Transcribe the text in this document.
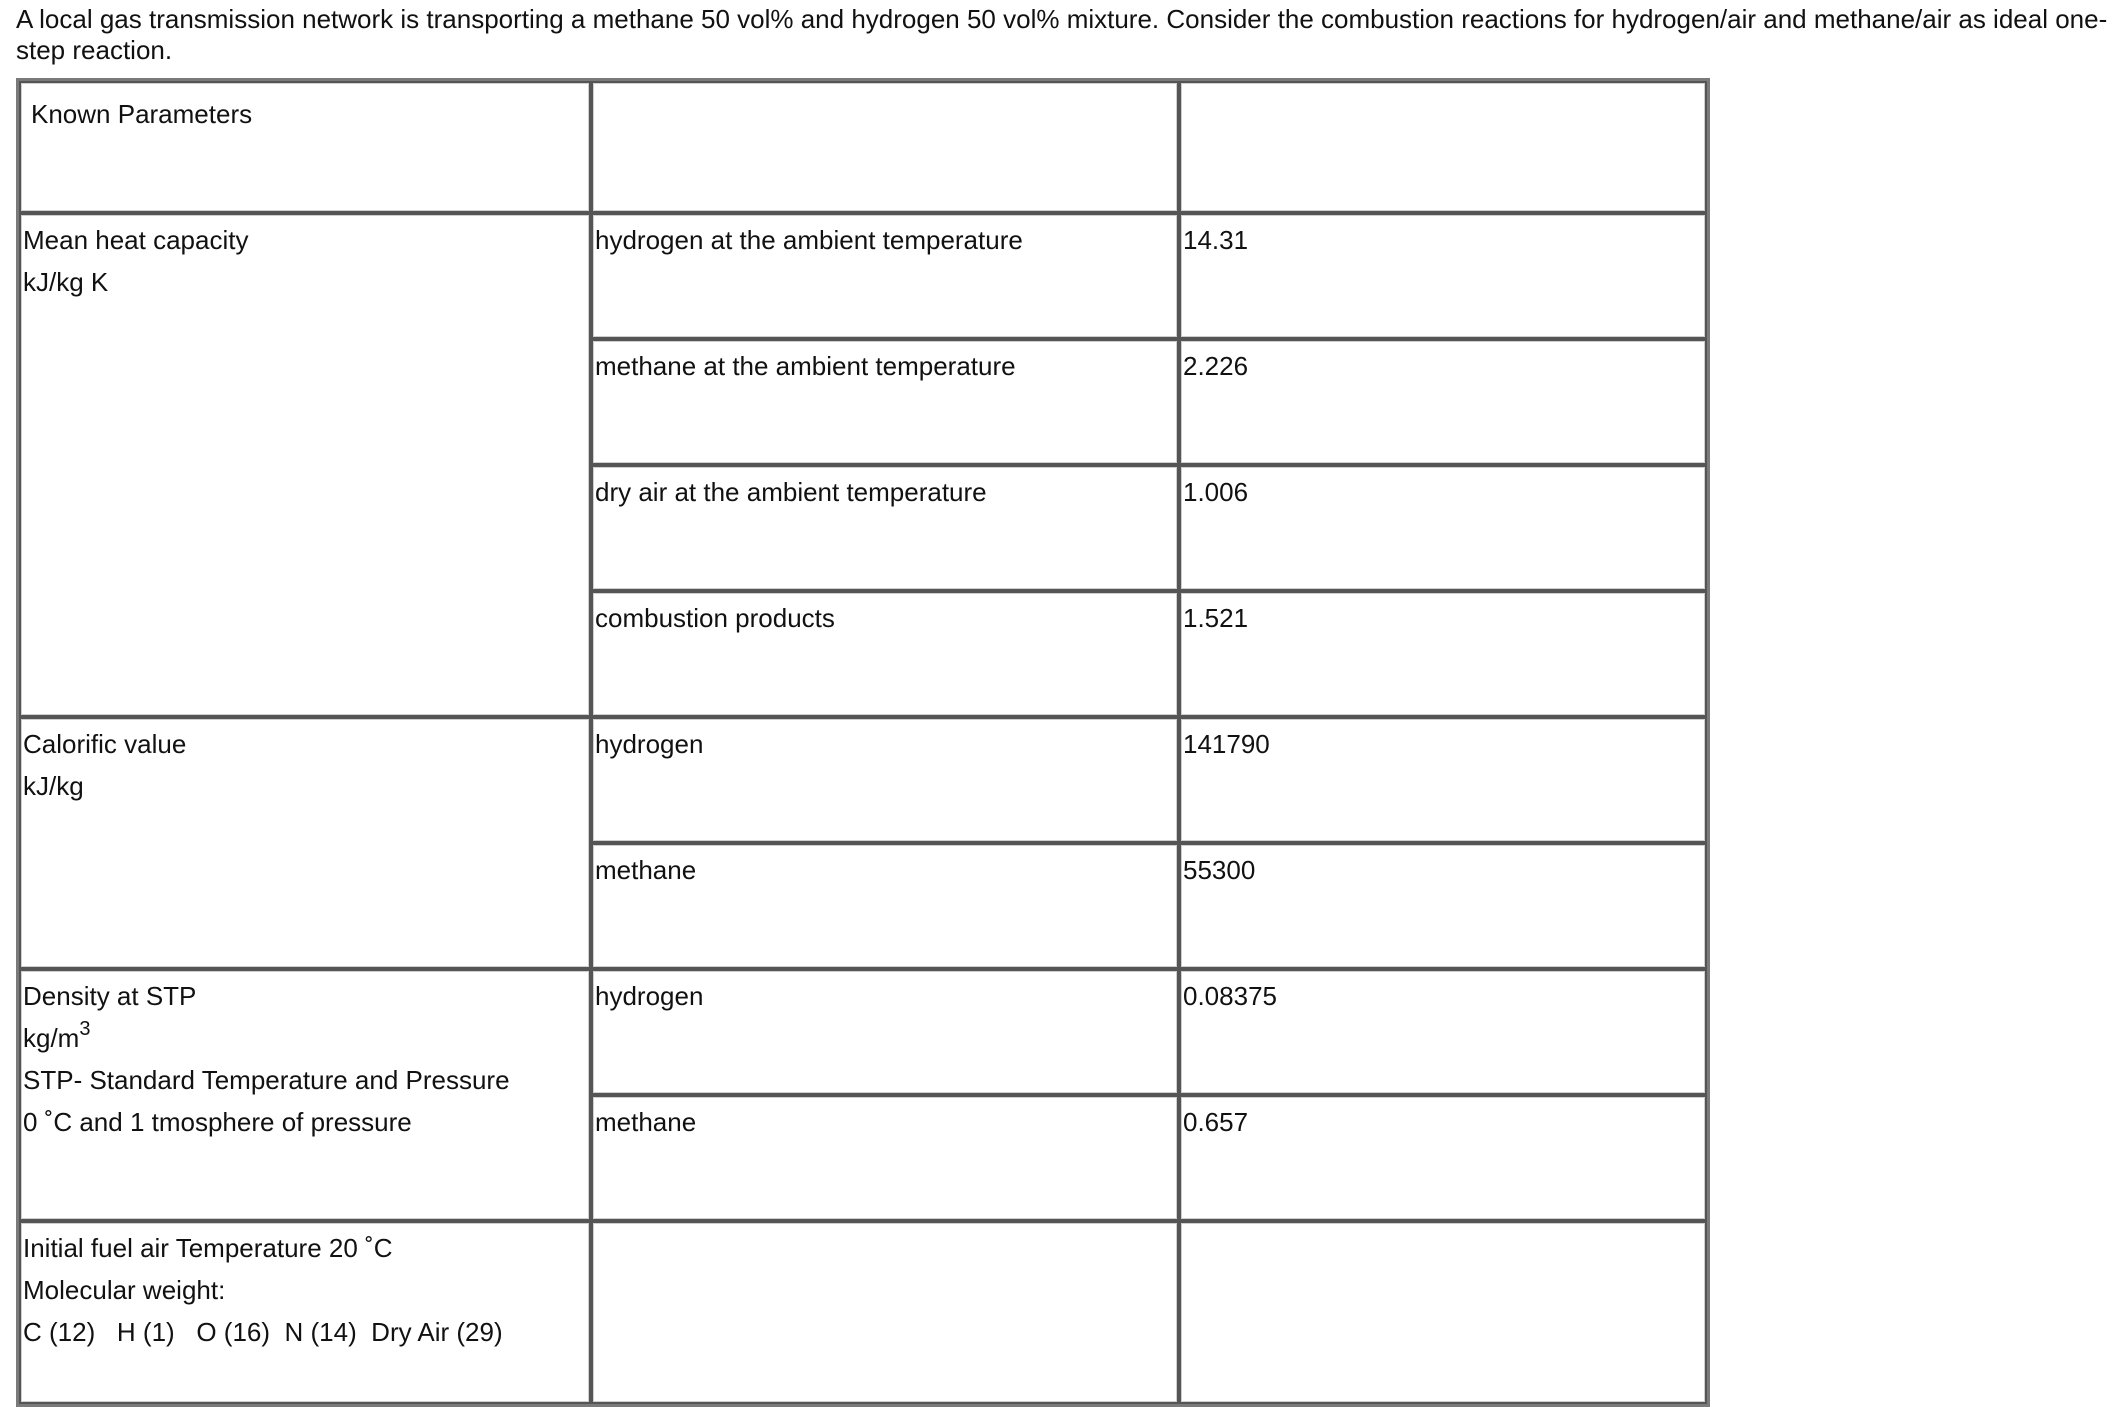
A local gas transmission network is transporting a methane 50 vol% and hydrogen 50 vol% mixture. Consider the combustion reactions for hydrogen/air and methane/air as ideal one-step reaction.

Known Parameters		

Mean heat capacity
kJ/kg K	hydrogen at the ambient temperature	14.31
	methane at the ambient temperature	2.226
	dry air at the ambient temperature	1.006
	combustion products	1.521

Calorific value
kJ/kg	hydrogen	141790
	methane	55300

Density at STP
$kg/m^3$
STP- Standard Temperature and Pressure
0 ˚C and 1 tmosphere of pressure	hydrogen	0.08375
	methane	0.657

Initial fuel air Temperature 20 ˚C
Molecular weight:
C (12)   H (1)   O (16)  N (14)  Dry Air (29)		
